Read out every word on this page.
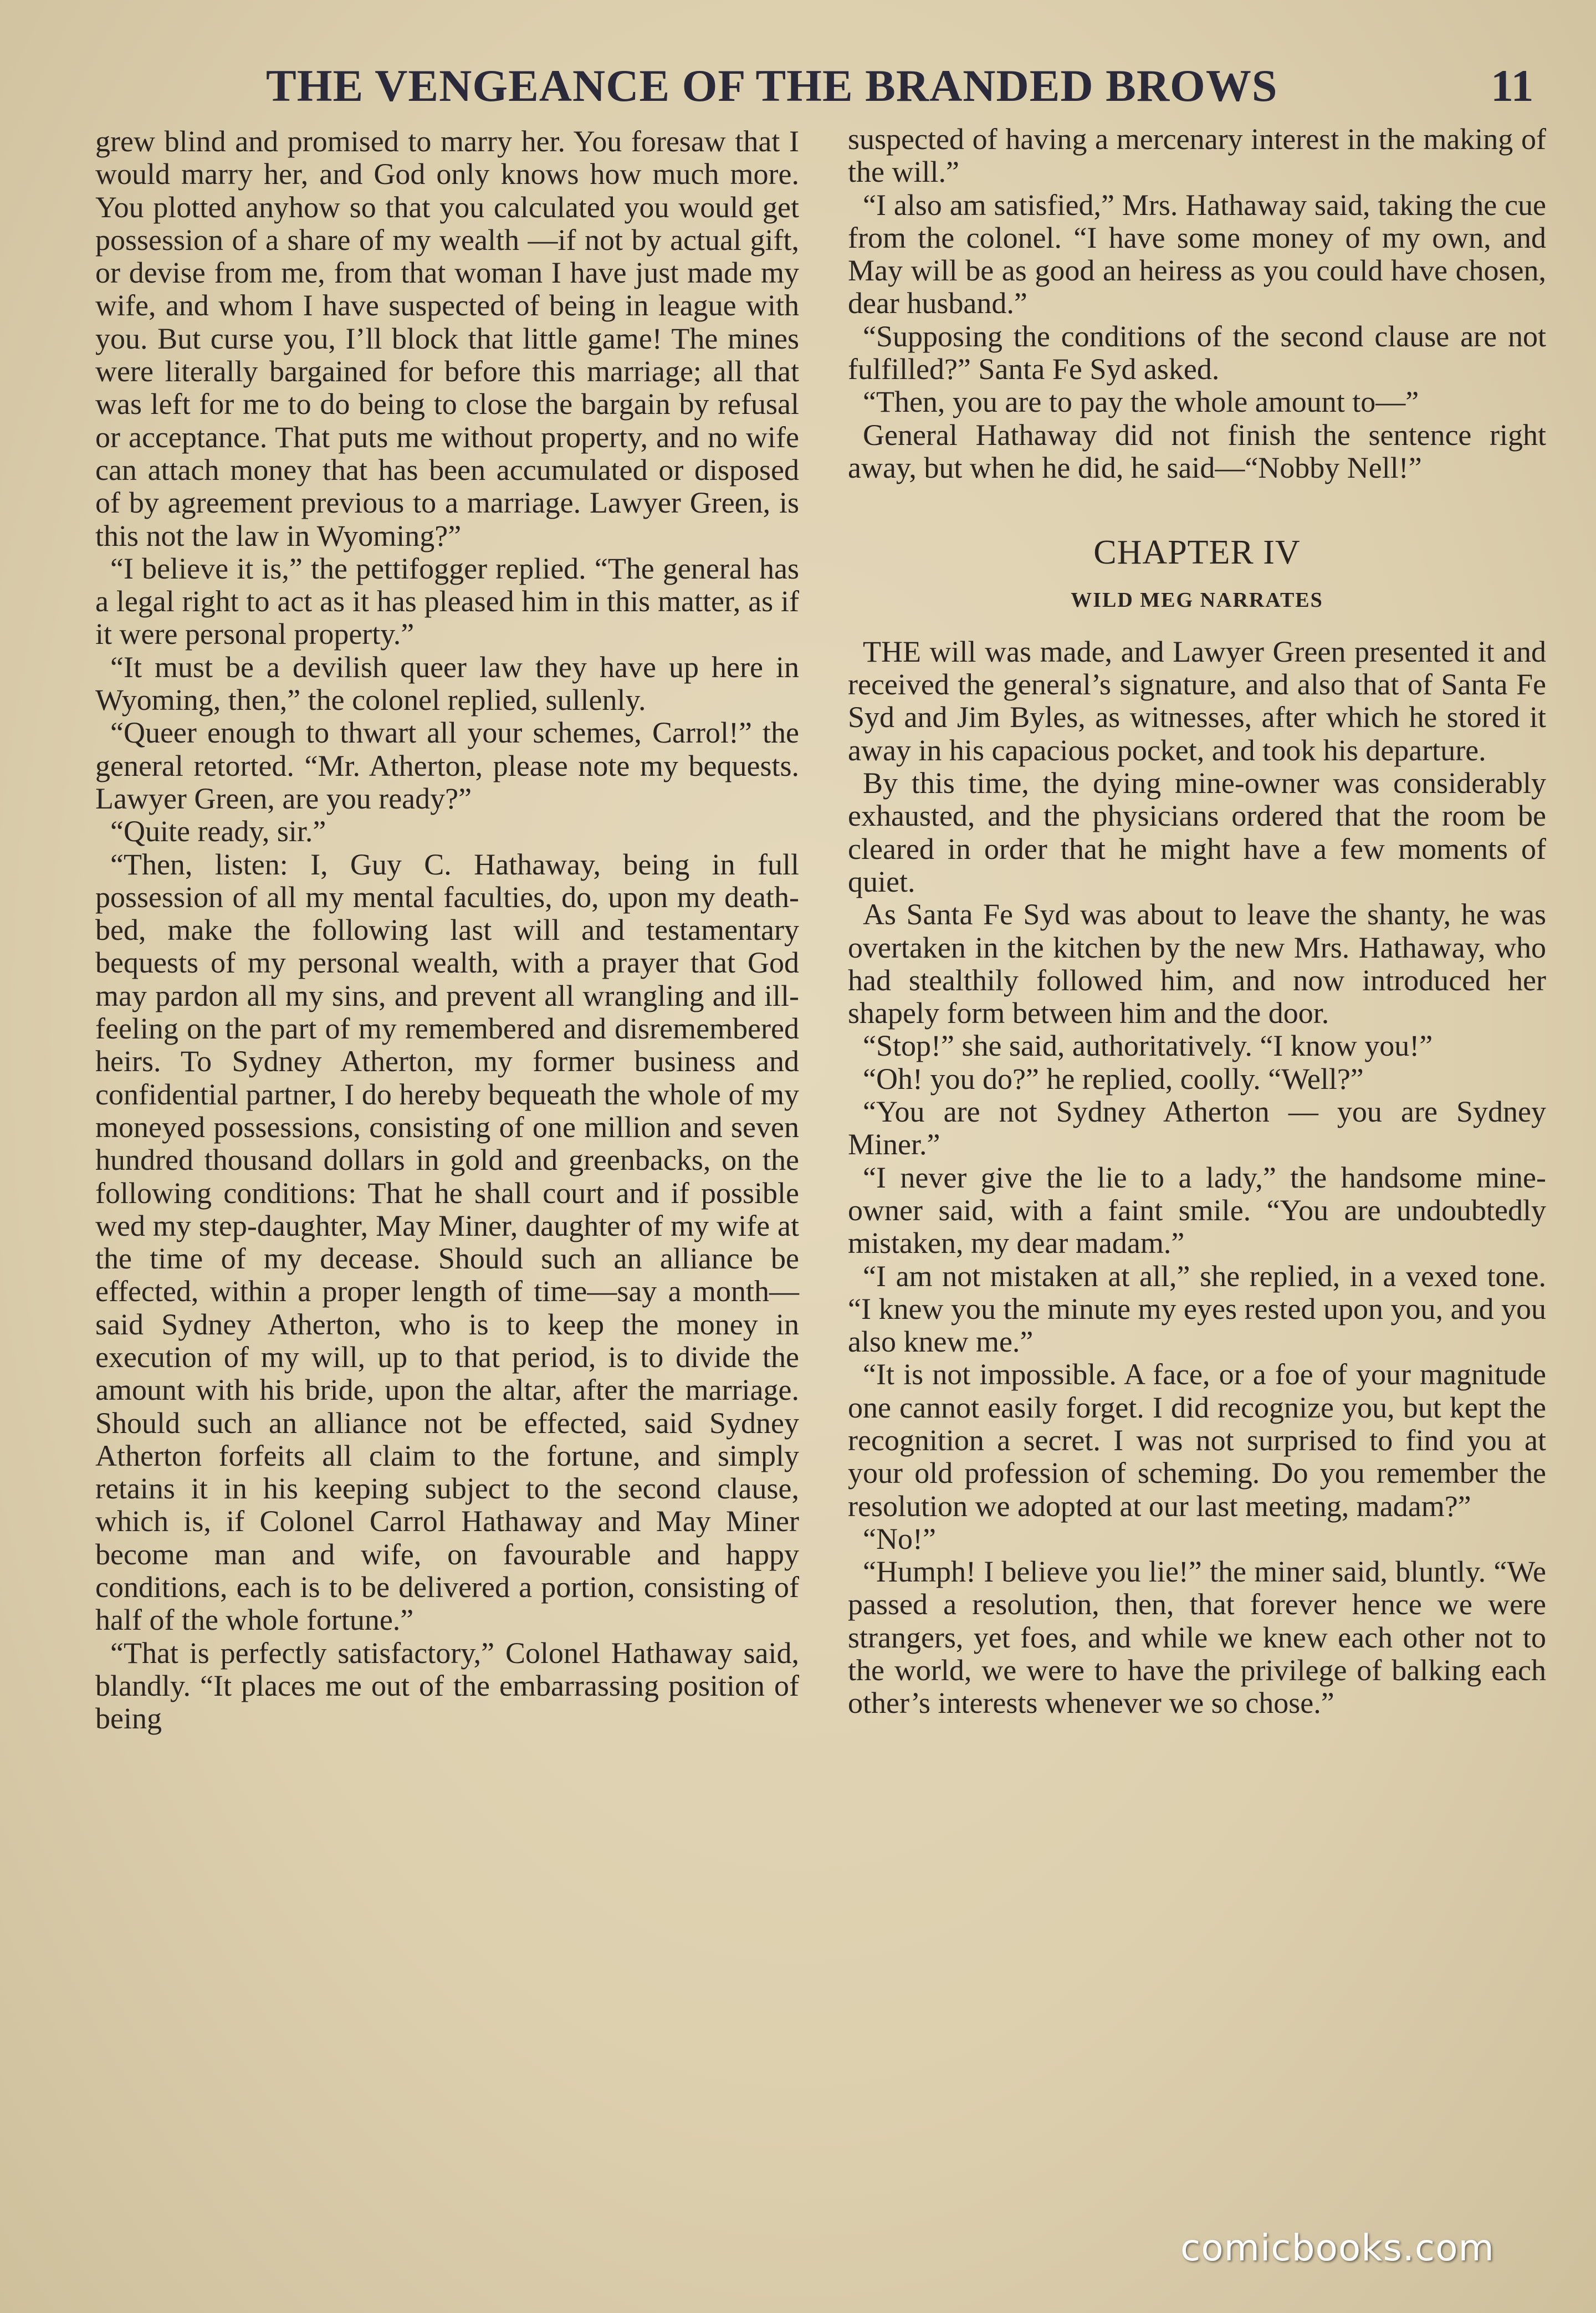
THE VENGEANCE OF THE BRANDED BROWS	11

grew blind and promised to marry her. You foresaw that I would marry her, and God only knows how much more. You plotted anyhow so that you calculated you would get possession of a share of my wealth —if not by actual gift, or devise from me, from that woman I have just made my wife, and whom I have suspected of being in league with you. But curse you, I’ll block that little game! The mines were literally bargained for before this marriage; all that was left for me to do being to close the bargain by refusal or acceptance. That puts me without property, and no wife can attach money that has been accumulated or disposed of by agreement previous to a marriage. Lawyer Green, is this not the law in Wyoming?”

“I believe it is,” the pettifogger replied. “The general has a legal right to act as it has pleased him in this matter, as if it were personal property.”

“It must be a devilish queer law they have up here in Wyoming, then,” the colonel replied, sullenly.

“Queer enough to thwart all your schemes, Carrol!” the general retorted. “Mr. Atherton, please note my bequests. Lawyer Green, are you ready?”

“Quite ready, sir.”

“Then, listen: I, Guy C. Hathaway, being in full possession of all my mental faculties, do, upon my death-bed, make the following last will and testamentary bequests of my personal wealth, with a prayer that God may pardon all my sins, and prevent all wrangling and ill-feeling on the part of my remembered and disremembered heirs. To Sydney Atherton, my former business and confidential partner, I do hereby bequeath the whole of my moneyed possessions, consisting of one million and seven hundred thousand dollars in gold and greenbacks, on the following conditions: That he shall court and if possible wed my step-daughter, May Miner, daughter of my wife at the time of my decease. Should such an alliance be effected, within a proper length of time—say a month—said Sydney Atherton, who is to keep the money in execution of my will, up to that period, is to divide the amount with his bride, upon the altar, after the marriage. Should such an alliance not be effected, said Sydney Atherton forfeits all claim to the fortune, and simply retains it in his keeping subject to the second clause, which is, if Colonel Carrol Hathaway and May Miner become man and wife, on favourable and happy conditions, each is to be delivered a portion, consisting of half of the whole fortune.”

“That is perfectly satisfactory,” Colonel Hathaway said, blandly. “It places me out of the embarrassing position of being

suspected of having a mercenary interest in the making of the will.”

“I also am satisfied,” Mrs. Hathaway said, taking the cue from the colonel. “I have some money of my own, and May will be as good an heiress as you could have chosen, dear husband.”

“Supposing the conditions of the second clause are not fulfilled?” Santa Fe Syd asked.

“Then, you are to pay the whole amount to—”

General Hathaway did not finish the sentence right away, but when he did, he said—“Nobby Nell!”

CHAPTER IV
WILD MEG NARRATES

THE will was made, and Lawyer Green presented it and received the general’s signature, and also that of Santa Fe Syd and Jim Byles, as witnesses, after which he stored it away in his capacious pocket, and took his departure.

By this time, the dying mine-owner was considerably exhausted, and the physicians ordered that the room be cleared in order that he might have a few moments of quiet.

As Santa Fe Syd was about to leave the shanty, he was overtaken in the kitchen by the new Mrs. Hathaway, who had stealthily followed him, and now introduced her shapely form between him and the door.

“Stop!” she said, authoritatively. “I know you!”

“Oh! you do?” he replied, coolly. “Well?”

“You are not Sydney Atherton — you are Sydney Miner.”

“I never give the lie to a lady,” the handsome mine-owner said, with a faint smile. “You are undoubtedly mistaken, my dear madam.”

“I am not mistaken at all,” she replied, in a vexed tone. “I knew you the minute my eyes rested upon you, and you also knew me.”

“It is not impossible. A face, or a foe of your magnitude one cannot easily forget. I did recognize you, but kept the recognition a secret. I was not surprised to find you at your old profession of scheming. Do you remember the resolution we adopted at our last meeting, madam?”

“No!”

“Humph! I believe you lie!” the miner said, bluntly. “We passed a resolution, then, that forever hence we were strangers, yet foes, and while we knew each other not to the world, we were to have the privilege of balking each other’s interests whenever we so chose.”

comicbooks.com
